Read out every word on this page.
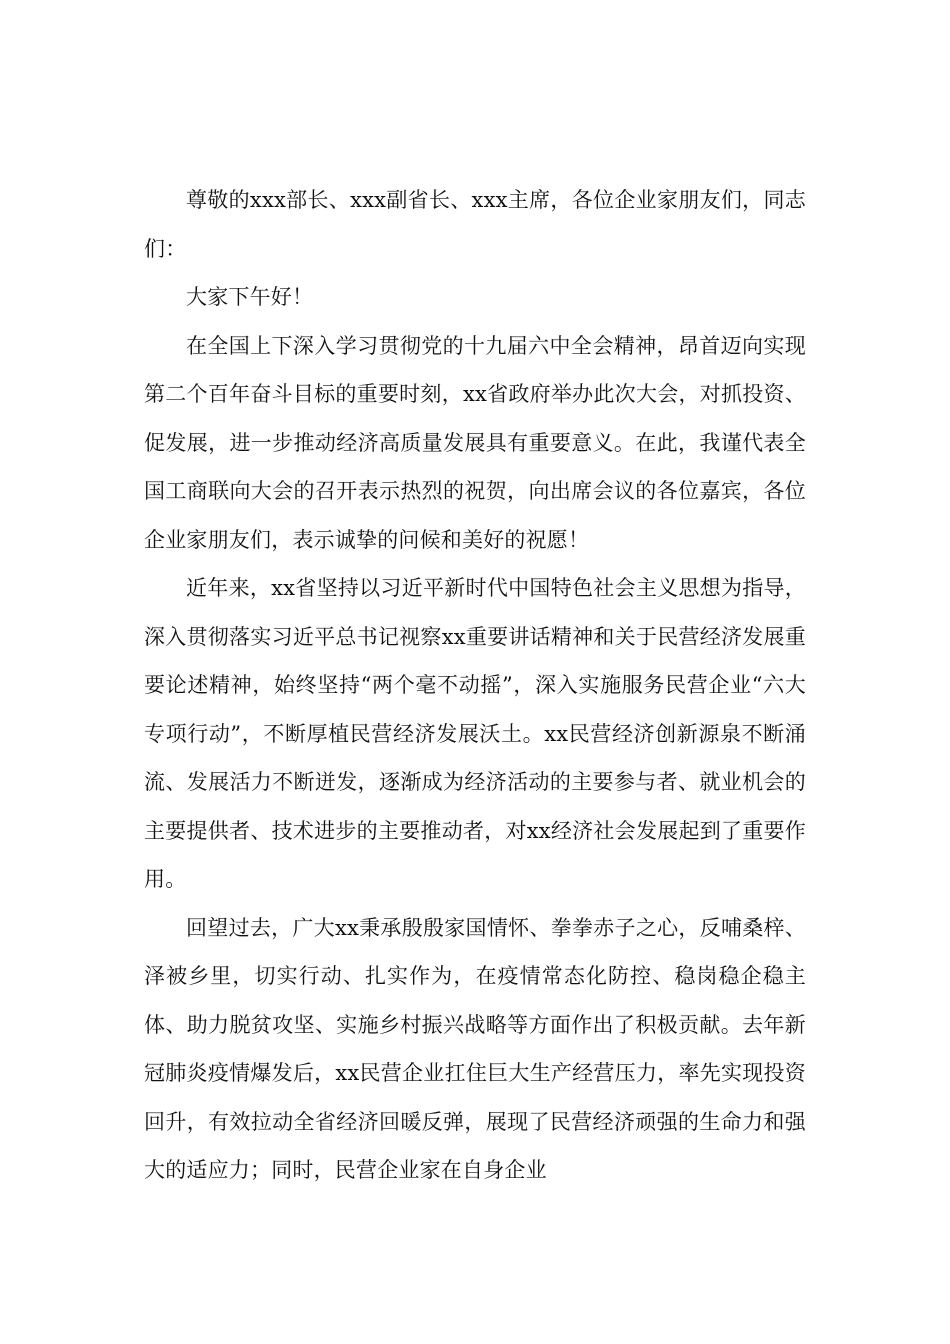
尊敬的xxx部长、xxx副省长、xxx主席，各位企业家朋友们，同志们：

大家下午好！

在全国上下深入学习贯彻党的十九届六中全会精神，昂首迈向实现第二个百年奋斗目标的重要时刻，xx省政府举办此次大会，对抓投资、促发展，进一步推动经济高质量发展具有重要意义。在此，我谨代表全国工商联向大会的召开表示热烈的祝贺，向出席会议的各位嘉宾，各位企业家朋友们，表示诚挚的问候和美好的祝愿！

近年来，xx省坚持以习近平新时代中国特色社会主义思想为指导，深入贯彻落实习近平总书记视察xx重要讲话精神和关于民营经济发展重要论述精神，始终坚持“两个毫不动摇”，深入实施服务民营企业“六大专项行动”，不断厚植民营经济发展沃土。xx民营经济创新源泉不断涌流、发展活力不断迸发，逐渐成为经济活动的主要参与者、就业机会的主要提供者、技术进步的主要推动者，对xx经济社会发展起到了重要作用。

回望过去，广大xx秉承殷殷家国情怀、拳拳赤子之心，反哺桑梓、泽被乡里，切实行动、扎实作为，在疫情常态化防控、稳岗稳企稳主体、助力脱贫攻坚、实施乡村振兴战略等方面作出了积极贡献。去年新冠肺炎疫情爆发后，xx民营企业扛住巨大生产经营压力，率先实现投资回升，有效拉动全省经济回暖反弹，展现了民营经济顽强的生命力和强大的适应力；同时，民营企业家在自身企业
